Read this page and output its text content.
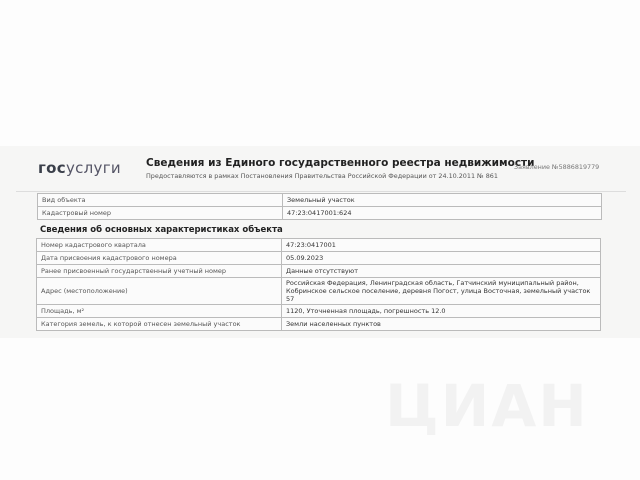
госуслуги Сведения из Единого государственного реестра недвижимости
Предоставляются в рамках Постановления Правительства Российской Федерации от 24.10.2011 № 861
Заявление №5886819779
Вид объекта	Земельный участок
Кадастровый номер	47:23:0417001:624
Сведения об основных характеристиках объекта
Номер кадастрового квартала	47:23:0417001
Дата присвоения кадастрового номера	05.09.2023
Ранее присвоенный государственный учетный номер	Данные отсутствуют
Адрес (местоположение)	Российская Федерация, Ленинградская область, Гатчинский муниципальный район, Кобринское сельское поселение, деревня Погост, улица Восточная, земельный участок 57
Площадь, м²	1120, Уточненная площадь, погрешность 12.0
Категория земель, к которой отнесен земельный участок	Земли населенных пунктов
ЦИАН
